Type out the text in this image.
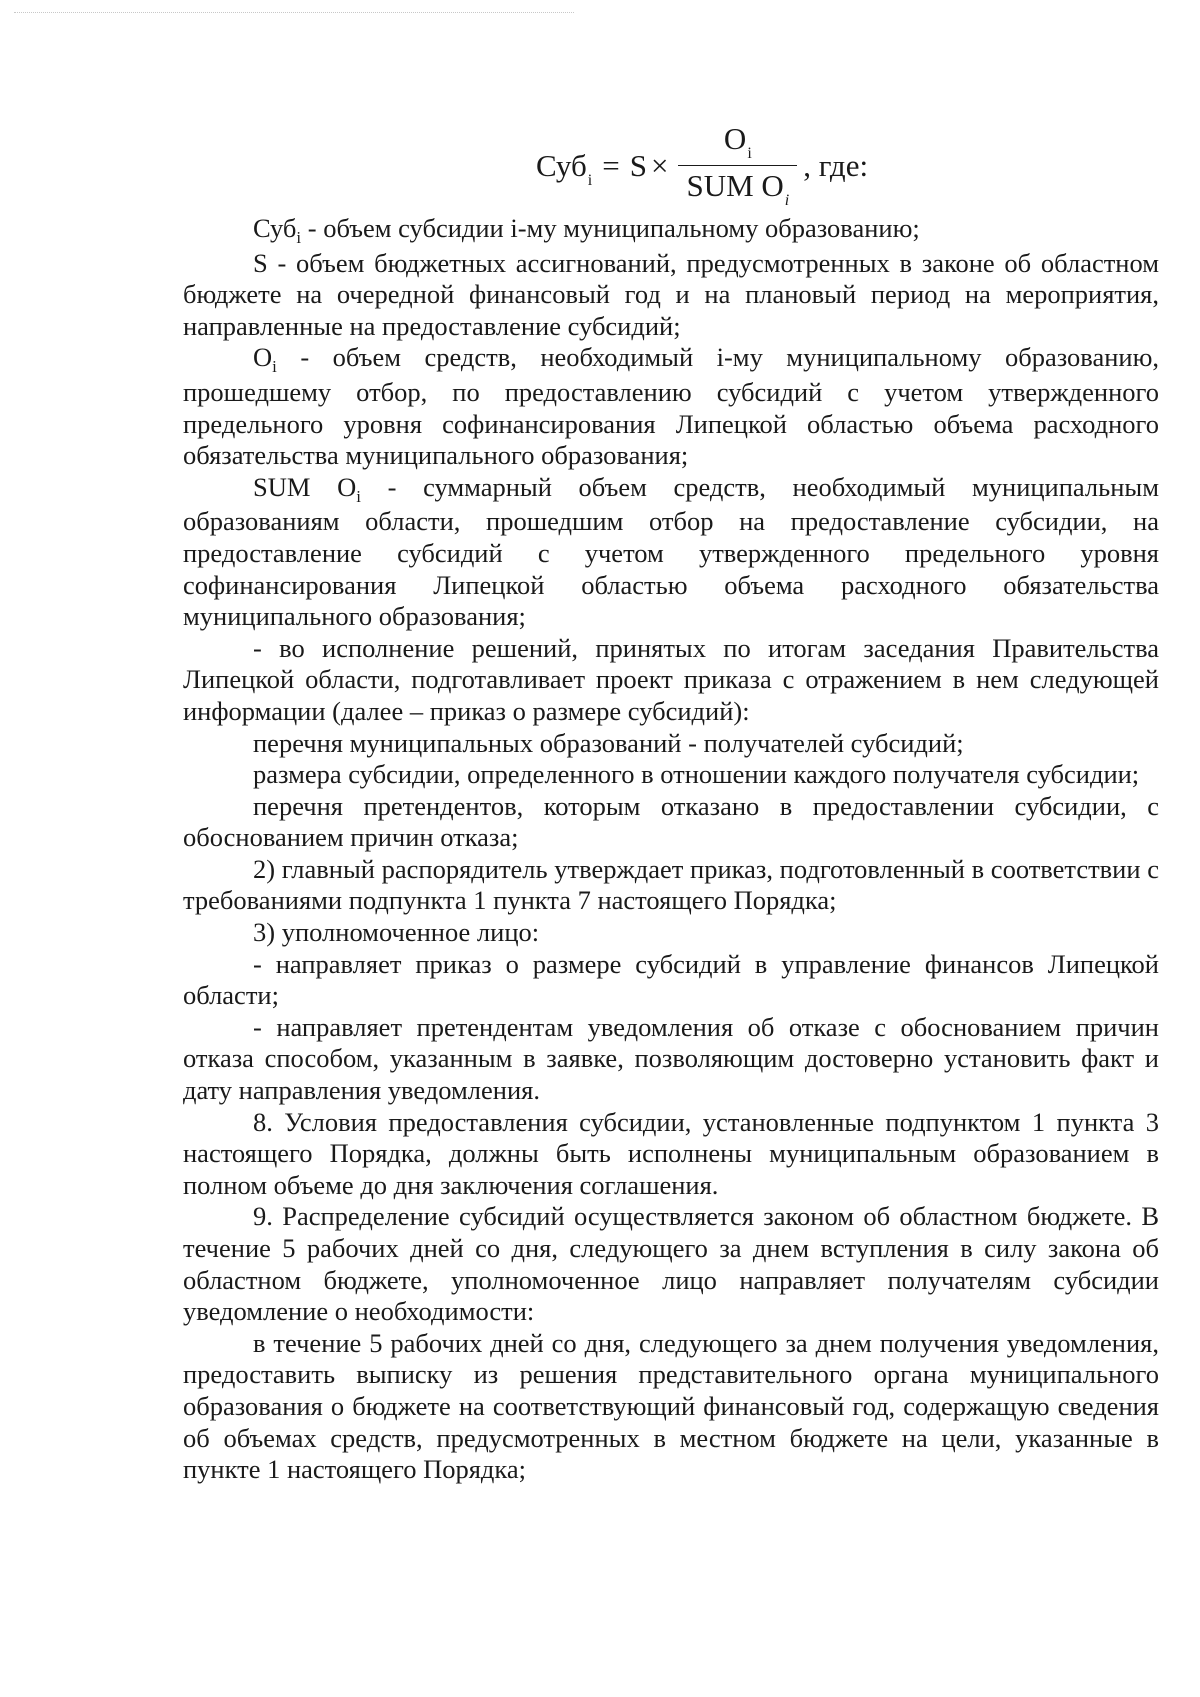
$Суб_i = S \times \frac{O_i}{SUM O_i}$ , где:

Суб$_i$ - объем субсидии i-му муниципальному образованию;

S - объем бюджетных ассигнований, предусмотренных в законе об областном бюджете на очередной финансовый год и на плановый период на мероприятия, направленные на предоставление субсидий;

$O_i$ - объем средств, необходимый i-му муниципальному образованию, прошедшему отбор, по предоставлению субсидий с учетом утвержденного предельного уровня софинансирования Липецкой областью объема расходного обязательства муниципального образования;

SUM $O_i$ - суммарный объем средств, необходимый муниципальным образованиям области, прошедшим отбор на предоставление субсидии, на предоставление субсидий с учетом утвержденного предельного уровня софинансирования Липецкой областью объема расходного обязательства муниципального образования;

- во исполнение решений, принятых по итогам заседания Правительства Липецкой области, подготавливает проект приказа с отражением в нем следующей информации (далее – приказ о размере субсидий):

перечня муниципальных образований - получателей субсидий;

размера субсидии, определенного в отношении каждого получателя субсидии;

перечня претендентов, которым отказано в предоставлении субсидии, с обоснованием причин отказа;

2) главный распорядитель утверждает приказ, подготовленный в соответствии с требованиями подпункта 1 пункта 7 настоящего Порядка;

3) уполномоченное лицо:

- направляет приказ о размере субсидий в управление финансов Липецкой области;

- направляет претендентам уведомления об отказе с обоснованием причин отказа способом, указанным в заявке, позволяющим достоверно установить факт и дату направления уведомления.

8. Условия предоставления субсидии, установленные подпунктом 1 пункта 3 настоящего Порядка, должны быть исполнены муниципальным образованием в полном объеме до дня заключения соглашения.

9. Распределение субсидий осуществляется законом об областном бюджете. В течение 5 рабочих дней со дня, следующего за днем вступления в силу закона об областном бюджете, уполномоченное лицо направляет получателям субсидии уведомление о необходимости:

в течение 5 рабочих дней со дня, следующего за днем получения уведомления, предоставить выписку из решения представительного органа муниципального образования о бюджете на соответствующий финансовый год, содержащую сведения об объемах средств, предусмотренных в местном бюджете на цели, указанные в пункте 1 настоящего Порядка;
